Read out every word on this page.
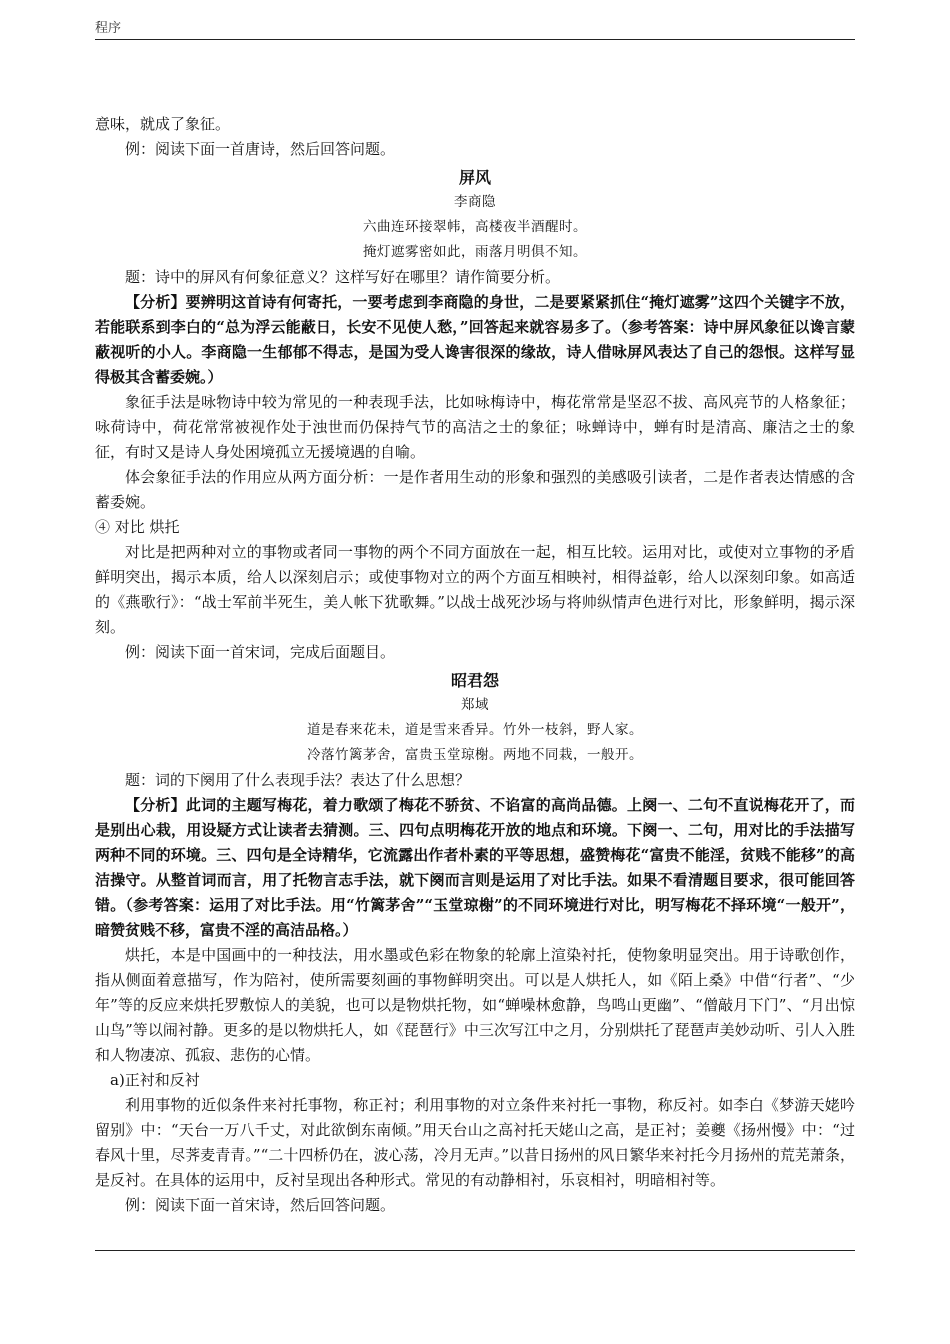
程序

意味，就成了象征。

例：阅读下面一首唐诗，然后回答问题。

屏风

李商隐

六曲连环接翠帏，高楼夜半酒醒时。

掩灯遮雾密如此，雨落月明俱不知。

题：诗中的屏风有何象征意义？这样写好在哪里？请作简要分析。

【分析】要辨明这首诗有何寄托，一要考虑到李商隐的身世，二是要紧紧抓住“掩灯遮雾”这四个关键字不放，若能联系到李白的“总为浮云能蔽日，长安不见使人愁，”回答起来就容易多了。（参考答案：诗中屏风象征以谗言蒙蔽视听的小人。李商隐一生郁郁不得志，是国为受人谗害很深的缘故，诗人借咏屏风表达了自己的怨恨。这样写显得极其含蓄委婉。）

象征手法是咏物诗中较为常见的一种表现手法，比如咏梅诗中，梅花常常是坚忍不拔、高风亮节的人格象征；咏荷诗中，荷花常常被视作处于浊世而仍保持气节的高洁之士的象征；咏蝉诗中，蝉有时是清高、廉洁之士的象征，有时又是诗人身处困境孤立无援境遇的自喻。

体会象征手法的作用应从两方面分析：一是作者用生动的形象和强烈的美感吸引读者，二是作者表达情感的含蓄委婉。

④ 对比 烘托

对比是把两种对立的事物或者同一事物的两个不同方面放在一起，相互比较。运用对比，或使对立事物的矛盾鲜明突出，揭示本质，给人以深刻启示；或使事物对立的两个方面互相映衬，相得益彰，给人以深刻印象。如高适的《燕歌行》：“战士军前半死生，美人帐下犹歌舞。”以战士战死沙场与将帅纵情声色进行对比，形象鲜明，揭示深刻。

例：阅读下面一首宋词，完成后面题目。

昭君怨

郑域

道是春来花未，道是雪来香异。竹外一枝斜，野人家。

冷落竹篱茅舍，富贵玉堂琼榭。两地不同栽，一般开。

题：词的下阕用了什么表现手法？表达了什么思想？

【分析】此词的主题写梅花，着力歌颂了梅花不骄贫、不谄富的高尚品德。上阕一、二句不直说梅花开了，而是别出心栽，用设疑方式让读者去猜测。三、四句点明梅花开放的地点和环境。下阕一、二句，用对比的手法描写两种不同的环境。三、四句是全诗精华，它流露出作者朴素的平等思想，盛赞梅花“富贵不能淫，贫贱不能移”的高洁操守。从整首词而言，用了托物言志手法，就下阕而言则是运用了对比手法。如果不看清题目要求，很可能回答错。（参考答案：运用了对比手法。用“竹篱茅舍”“玉堂琼榭”的不同环境进行对比，明写梅花不择环境“一般开”，暗赞贫贱不移，富贵不淫的高洁品格。）

烘托，本是中国画中的一种技法，用水墨或色彩在物象的轮廓上渲染衬托，使物象明显突出。用于诗歌创作，指从侧面着意描写，作为陪衬，使所需要刻画的事物鲜明突出。可以是人烘托人，如《陌上桑》中借“行者”、“少年”等的反应来烘托罗敷惊人的美貌，也可以是物烘托物，如“蝉噪林愈静，鸟鸣山更幽”、“僧敲月下门”、“月出惊山鸟”等以闹衬静。更多的是以物烘托人，如《琵琶行》中三次写江中之月，分别烘托了琵琶声美妙动听、引人入胜和人物凄凉、孤寂、悲伤的心情。

a)正衬和反衬

利用事物的近似条件来衬托事物，称正衬；利用事物的对立条件来衬托一事物，称反衬。如李白《梦游天姥吟留别》中：“天台一万八千丈，对此欲倒东南倾。”用天台山之高衬托天姥山之高，是正衬；姜夔《扬州慢》中：“过春风十里，尽荠麦青青。”“二十四桥仍在，波心荡，冷月无声。”以昔日扬州的风日繁华来衬托今月扬州的荒芜萧条，是反衬。在具体的运用中，反衬呈现出各种形式。常见的有动静相衬，乐哀相衬，明暗相衬等。

例：阅读下面一首宋诗，然后回答问题。
